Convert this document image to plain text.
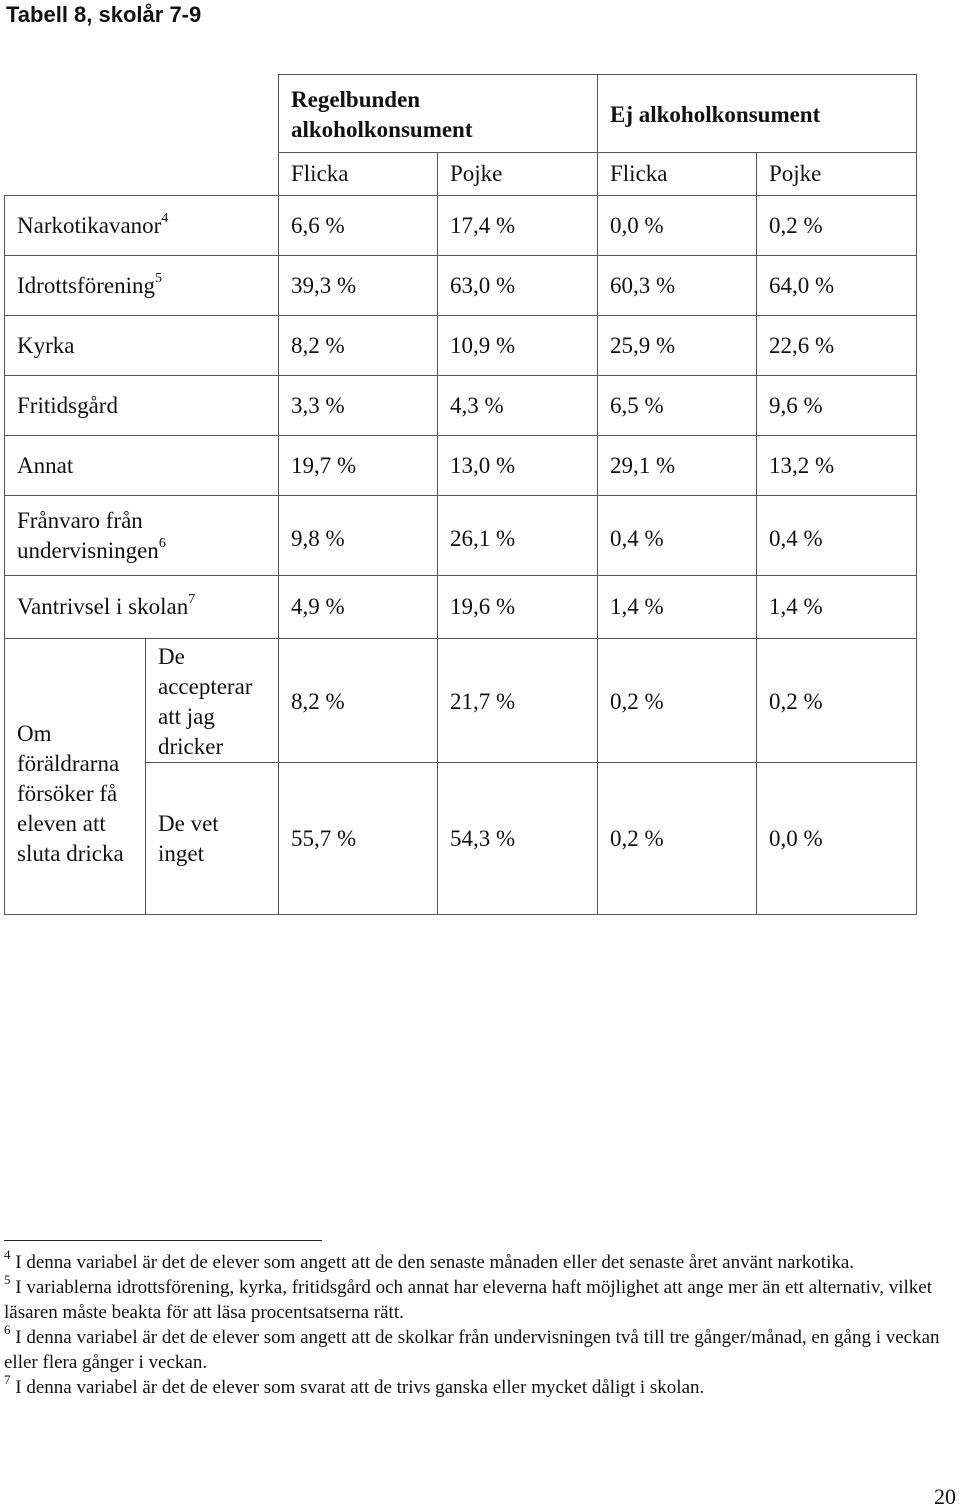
Tabell 8, skolår 7-9
		Regelbunden alkoholkonsument		Ej alkoholkonsument	
		Flicka	Pojke	Flicka	Pojke
Narkotikavanor$^4$		6,6 %	17,4 %	0,0 %	0,2 %
Idrottsförening$^5$		39,3 %	63,0 %	60,3 %	64,0 %
Kyrka		8,2 %	10,9 %	25,9 %	22,6 %
Fritidsgård		3,3 %	4,3 %	6,5 %	9,6 %
Annat		19,7 %	13,0 %	29,1 %	13,2 %
Frånvaro från undervisningen$^6$		9,8 %	26,1 %	0,4 %	0,4 %
Vantrivsel i skolan$^7$		4,9 %	19,6 %	1,4 %	1,4 %
Om föräldrarna försöker få eleven att sluta dricka	De accepterar att jag dricker	8,2 %	21,7 %	0,2 %	0,2 %
	De vet inget	55,7 %	54,3 %	0,2 %	0,0 %

$^4$ I denna variabel är det de elever som angett att de den senaste månaden eller det senaste året använt narkotika.

$^5$ I variablerna idrottsförening, kyrka, fritidsgård och annat har eleverna haft möjlighet att ange mer än ett alternativ, vilket läsaren måste beakta för att läsa procentsatserna rätt.

$^6$ I denna variabel är det de elever som angett att de skolkar från undervisningen två till tre gånger/månad, en gång i veckan eller flera gånger i veckan.

$^7$ I denna variabel är det de elever som svarat att de trivs ganska eller mycket dåligt i skolan.

20
